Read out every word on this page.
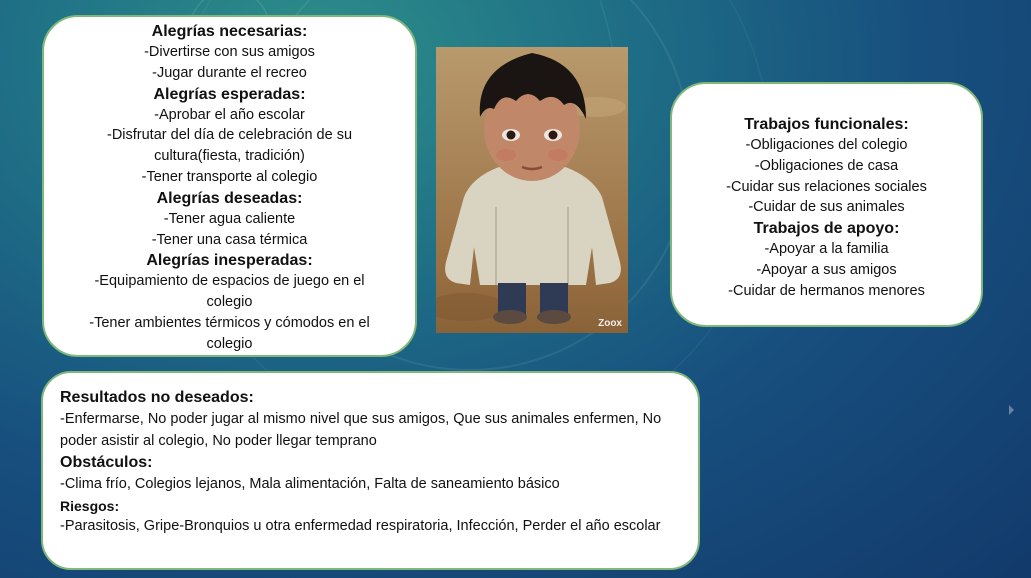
Alegrías necesarias:
-Divertirse con sus amigos
-Jugar durante el recreo
Alegrías esperadas:
-Aprobar el año escolar
-Disfrutar del día de celebración de su cultura(fiesta, tradición)
-Tener transporte al colegio
Alegrías deseadas:
-Tener agua caliente
-Tener una casa térmica
Alegrías inesperadas:
-Equipamiento de espacios de juego en el colegio
-Tener ambientes térmicos y cómodos en el colegio
Zoox
Trabajos funcionales:
-Obligaciones del colegio
-Obligaciones de casa
-Cuidar sus relaciones sociales
-Cuidar de sus animales
Trabajos de apoyo:
-Apoyar a la familia
-Apoyar a sus amigos
-Cuidar de hermanos menores
Resultados no deseados:
-Enfermarse, No poder jugar al mismo nivel que sus amigos, Que sus animales enfermen, No poder asistir al colegio, No poder llegar temprano
Obstáculos:
-Clima frío, Colegios lejanos, Mala alimentación, Falta de saneamiento básico
Riesgos:
-Parasitosis, Gripe-Bronquios u otra enfermedad respiratoria, Infección, Perder el año escolar
